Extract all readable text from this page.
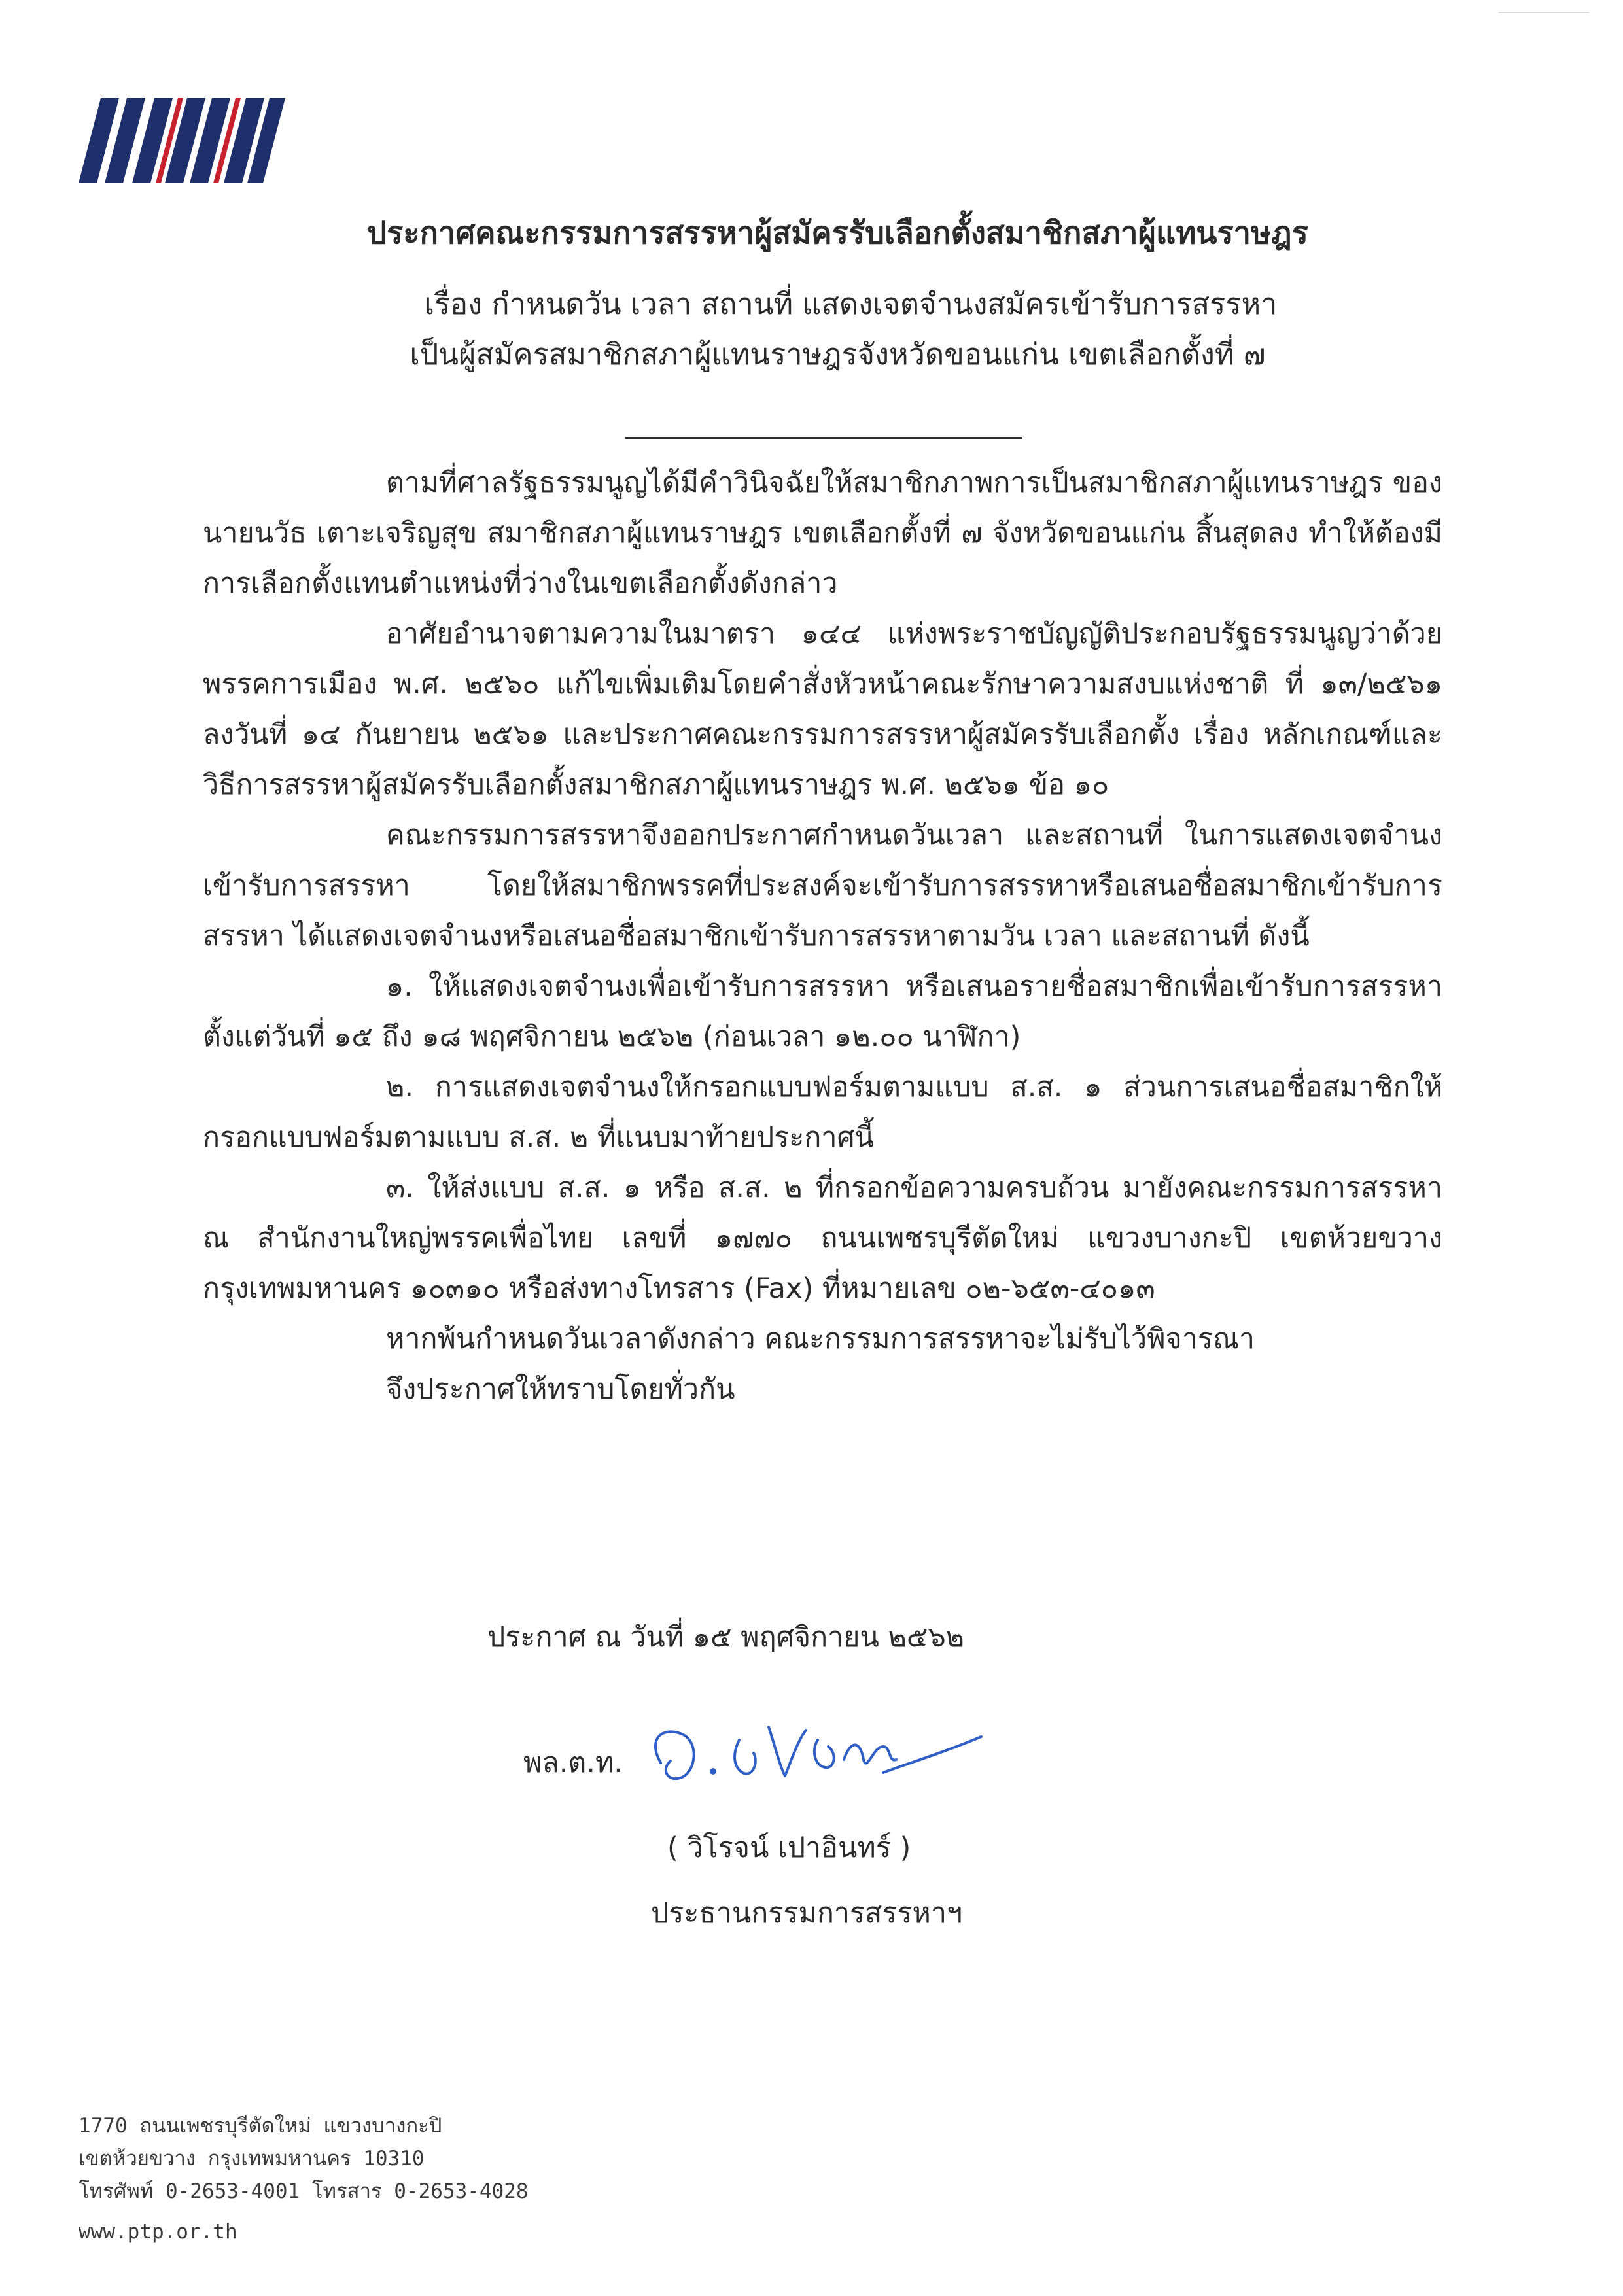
ประกาศคณะกรรมการสรรหาผู้สมัครรับเลือกตั้งสมาชิกสภาผู้แทนราษฎร
เรื่อง กำหนดวัน เวลา สถานที่ แสดงเจตจำนงสมัครเข้ารับการสรรหา
เป็นผู้สมัครสมาชิกสภาผู้แทนราษฎรจังหวัดขอนแก่น เขตเลือกตั้งที่ ๗

ตามที่ศาลรัฐธรรมนูญได้มีคำวินิจฉัยให้สมาชิกภาพการเป็นสมาชิกสภาผู้แทนราษฎร ของนายนวัธ เตาะเจริญสุข สมาชิกสภาผู้แทนราษฎร เขตเลือกตั้งที่ ๗ จังหวัดขอนแก่น สิ้นสุดลง ทำให้ต้องมีการเลือกตั้งแทนตำแหน่งที่ว่างในเขตเลือกตั้งดังกล่าว

อาศัยอำนาจตามความในมาตรา ๑๔๔ แห่งพระราชบัญญัติประกอบรัฐธรรมนูญว่าด้วยพรรคการเมือง พ.ศ. ๒๕๖๐ แก้ไขเพิ่มเติมโดยคำสั่งหัวหน้าคณะรักษาความสงบแห่งชาติ ที่ ๑๓/๒๕๖๑ ลงวันที่ ๑๔ กันยายน ๒๕๖๑ และประกาศคณะกรรมการสรรหาผู้สมัครรับเลือกตั้ง เรื่อง หลักเกณฑ์และวิธีการสรรหาผู้สมัครรับเลือกตั้งสมาชิกสภาผู้แทนราษฎร พ.ศ. ๒๕๖๑ ข้อ ๑๐

คณะกรรมการสรรหาจึงออกประกาศกำหนดวันเวลา และสถานที่ ในการแสดงเจตจำนงเข้ารับการสรรหา โดยให้สมาชิกพรรคที่ประสงค์จะเข้ารับการสรรหาหรือเสนอชื่อสมาชิกเข้ารับการสรรหา ได้แสดงเจตจำนงหรือเสนอชื่อสมาชิกเข้ารับการสรรหาตามวัน เวลา และสถานที่ ดังนี้

๑. ให้แสดงเจตจำนงเพื่อเข้ารับการสรรหา หรือเสนอรายชื่อสมาชิกเพื่อเข้ารับการสรรหาตั้งแต่วันที่ ๑๕ ถึง ๑๘ พฤศจิกายน ๒๕๖๒ (ก่อนเวลา ๑๒.๐๐ นาฬิกา)

๒. การแสดงเจตจำนงให้กรอกแบบฟอร์มตามแบบ ส.ส. ๑ ส่วนการเสนอชื่อสมาชิกให้กรอกแบบฟอร์มตามแบบ ส.ส. ๒ ที่แนบมาท้ายประกาศนี้

๓. ให้ส่งแบบ ส.ส. ๑ หรือ ส.ส. ๒ ที่กรอกข้อความครบถ้วน มายังคณะกรรมการสรรหา ณ สำนักงานใหญ่พรรคเพื่อไทย เลขที่ ๑๗๗๐ ถนนเพชรบุรีตัดใหม่ แขวงบางกะปิ เขตห้วยขวาง กรุงเทพมหานคร ๑๐๓๑๐ หรือส่งทางโทรสาร (Fax) ที่หมายเลข ๐๒-๖๕๓-๔๐๑๓

หากพ้นกำหนดวันเวลาดังกล่าว คณะกรรมการสรรหาจะไม่รับไว้พิจารณา

จึงประกาศให้ทราบโดยทั่วกัน

ประกาศ ณ วันที่ ๑๕ พฤศจิกายน ๒๕๖๒
พล.ต.ท.
( วิโรจน์ เปาอินทร์ )
ประธานกรรมการสรรหาฯ
1770 ถนนเพชรบุรีตัดใหม่ แขวงบางกะปิ
เขตห้วยขวาง กรุงเทพมหานคร 10310
โทรศัพท์ 0-2653-4001 โทรสาร 0-2653-4028
www.ptp.or.th
